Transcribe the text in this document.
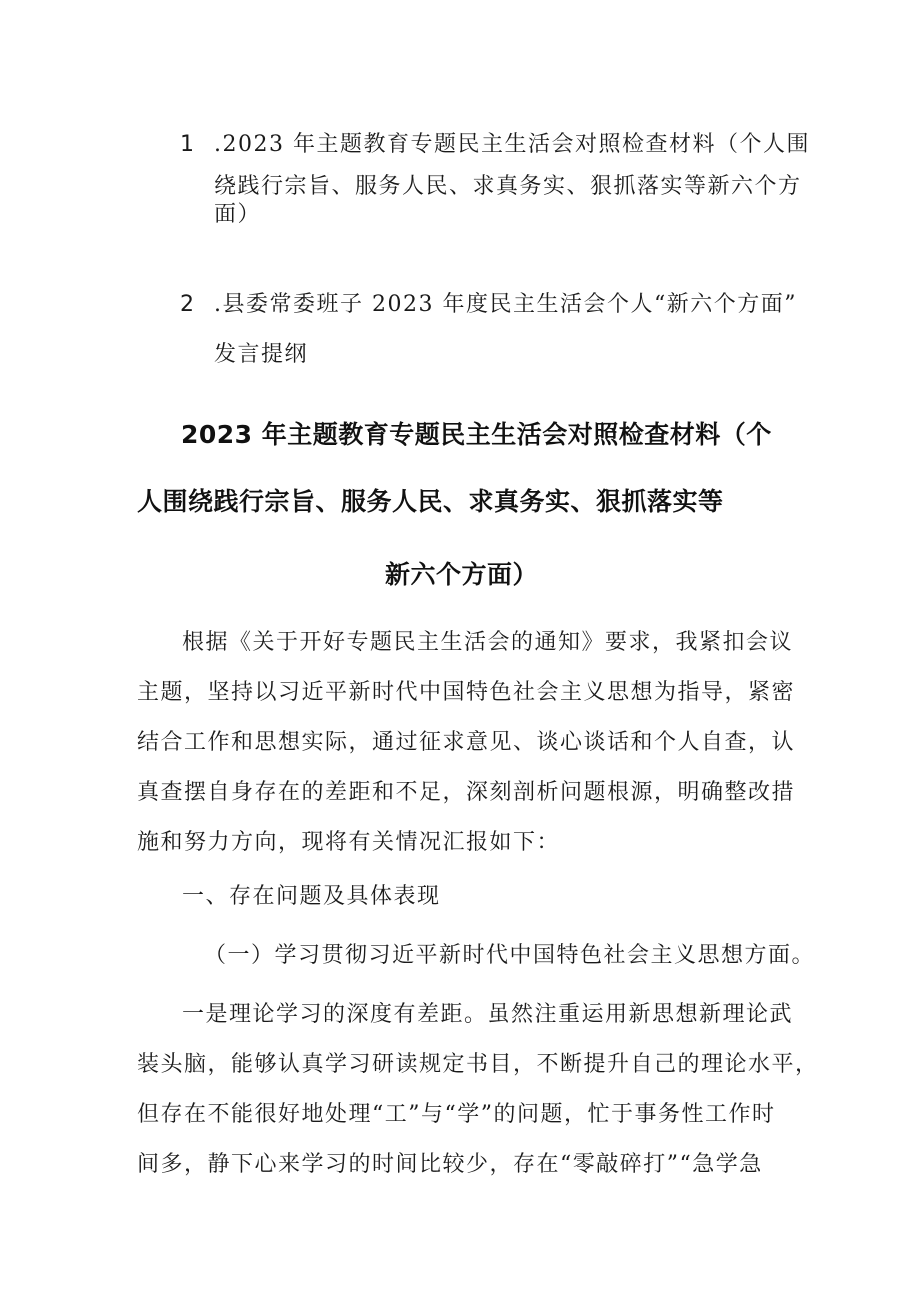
1 .2023 年主题教育专题民主生活会对照检查材料（个人围
绕践行宗旨、服务人民、求真务实、狠抓落实等新六个方
面）
2 .县委常委班子 2023 年度民主生活会个人“新六个方面”
发言提纲
2023 年主题教育专题民主生活会对照检查材料（个
人围绕践行宗旨、服务人民、求真务实、狠抓落实等
新六个方面）
根据《关于开好专题民主生活会的通知》要求，我紧扣会议
主题，坚持以习近平新时代中国特色社会主义思想为指导，紧密
结合工作和思想实际，通过征求意见、谈心谈话和个人自查，认
真查摆自身存在的差距和不足，深刻剖析问题根源，明确整改措
施和努力方向，现将有关情况汇报如下：
一、存在问题及具体表现
（一）学习贯彻习近平新时代中国特色社会主义思想方面。
一是理论学习的深度有差距。虽然注重运用新思想新理论武
装头脑，能够认真学习研读规定书目，不断提升自己的理论水平，
但存在不能很好地处理“工”与“学”的问题，忙于事务性工作时
间多，静下心来学习的时间比较少，存在“零敲碎打”“急学急
